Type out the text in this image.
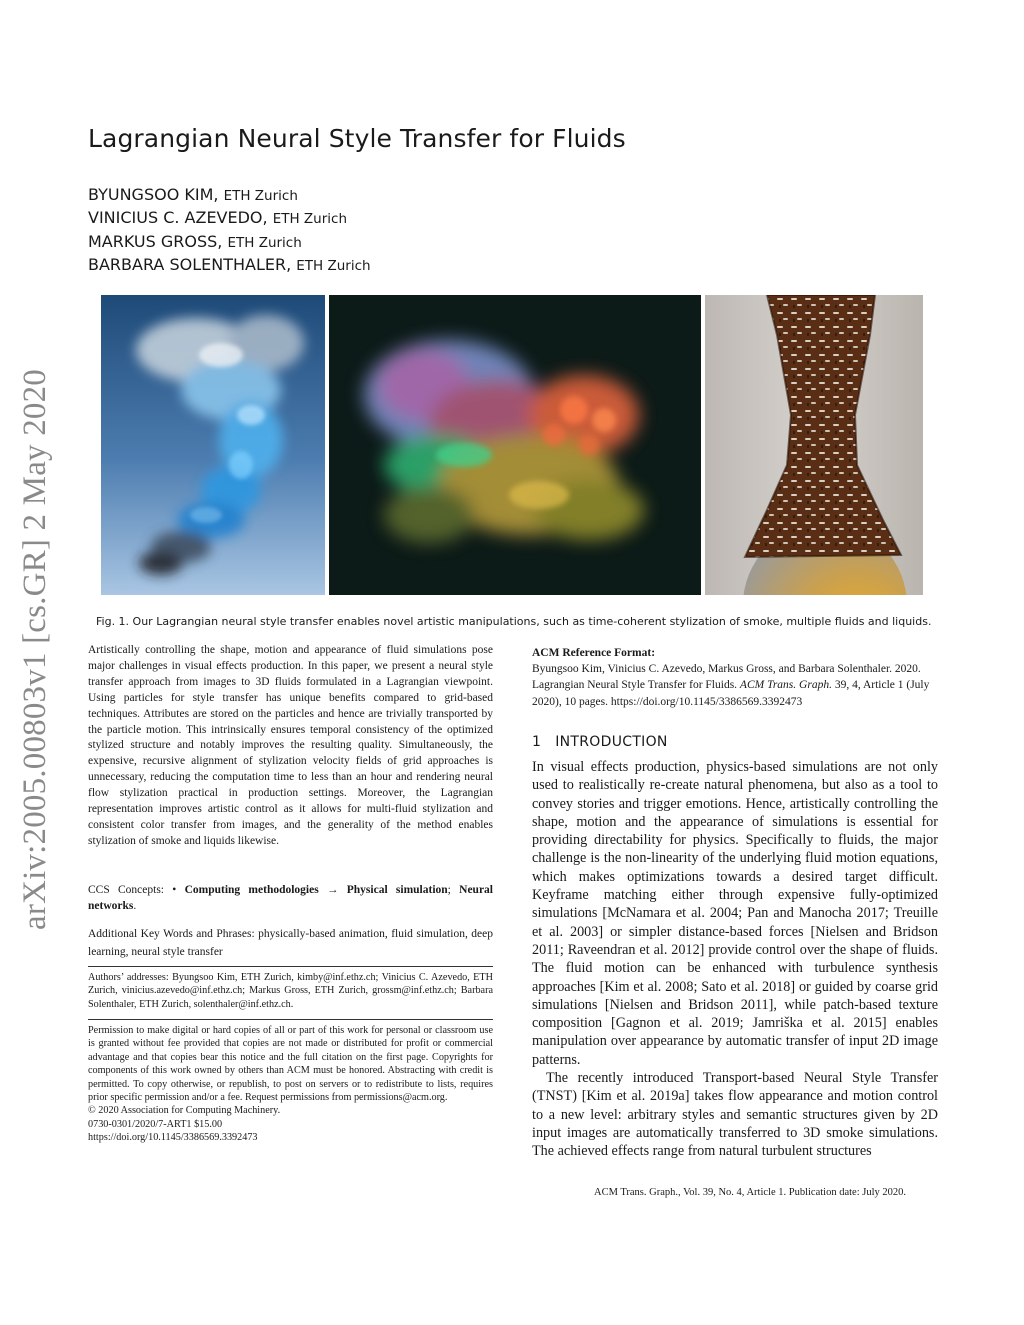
arXiv:2005.00803v1 [cs.GR] 2 May 2020
Lagrangian Neural Style Transfer for Fluids
BYUNGSOO KIM, ETH Zurich
VINICIUS C. AZEVEDO, ETH Zurich
MARKUS GROSS, ETH Zurich
BARBARA SOLENTHALER, ETH Zurich
Fig. 1. Our Lagrangian neural style transfer enables novel artistic manipulations, such as time-coherent stylization of smoke, multiple fluids and liquids.

Artistically controlling the shape, motion and appearance of fluid simulations pose major challenges in visual effects production. In this paper, we present a neural style transfer approach from images to 3D fluids formulated in a Lagrangian viewpoint. Using particles for style transfer has unique benefits compared to grid-based techniques. Attributes are stored on the particles and hence are trivially transported by the particle motion. This intrinsically ensures temporal consistency of the optimized stylized structure and notably improves the resulting quality. Simultaneously, the expensive, recursive alignment of stylization velocity fields of grid approaches is unnecessary, reducing the computation time to less than an hour and rendering neural flow stylization practical in production settings. Moreover, the Lagrangian representation improves artistic control as it allows for multi-fluid stylization and consistent color transfer from images, and the generality of the method enables stylization of smoke and liquids likewise.

CCS Concepts: • Computing methodologies → Physical simulation; Neural networks.

Additional Key Words and Phrases: physically-based animation, fluid simulation, deep learning, neural style transfer

Authors’ addresses: Byungsoo Kim, ETH Zurich, kimby@inf.ethz.ch; Vinicius C. Azevedo, ETH Zurich, vinicius.azevedo@inf.ethz.ch; Markus Gross, ETH Zurich, grossm@inf.ethz.ch; Barbara Solenthaler, ETH Zurich, solenthaler@inf.ethz.ch.
Permission to make digital or hard copies of all or part of this work for personal or classroom use is granted without fee provided that copies are not made or distributed for profit or commercial advantage and that copies bear this notice and the full citation on the first page. Copyrights for components of this work owned by others than ACM must be honored. Abstracting with credit is permitted. To copy otherwise, or republish, to post on servers or to redistribute to lists, requires prior specific permission and/or a fee. Request permissions from permissions@acm.org.
© 2020 Association for Computing Machinery.
0730-0301/2020/7-ART1 $15.00
https://doi.org/10.1145/3386569.3392473
ACM Reference Format:
Byungsoo Kim, Vinicius C. Azevedo, Markus Gross, and Barbara Solenthaler. 2020. Lagrangian Neural Style Transfer for Fluids. ACM Trans. Graph. 39, 4, Article 1 (July 2020), 10 pages. https://doi.org/10.1145/3386569.3392473
1 INTRODUCTION

In visual effects production, physics-based simulations are not only used to realistically re-create natural phenomena, but also as a tool to convey stories and trigger emotions. Hence, artistically controlling the shape, motion and the appearance of simulations is essential for providing directability for physics. Specifically to fluids, the major challenge is the non-linearity of the underlying fluid motion equations, which makes optimizations towards a desired target difficult. Keyframe matching either through expensive fully-optimized simulations [McNamara et al. 2004; Pan and Manocha 2017; Treuille et al. 2003] or simpler distance-based forces [Nielsen and Bridson 2011; Raveendran et al. 2012] provide control over the shape of fluids. The fluid motion can be enhanced with turbulence synthesis approaches [Kim et al. 2008; Sato et al. 2018] or guided by coarse grid simulations [Nielsen and Bridson 2011], while patch-based texture composition [Gagnon et al. 2019; Jamriška et al. 2015] enables manipulation over appearance by automatic transfer of input 2D image patterns.

The recently introduced Transport-based Neural Style Transfer (TNST) [Kim et al. 2019a] takes flow appearance and motion control to a new level: arbitrary styles and semantic structures given by 2D input images are automatically transferred to 3D smoke simulations. The achieved effects range from natural turbulent structures

ACM Trans. Graph., Vol. 39, No. 4, Article 1. Publication date: July 2020.
